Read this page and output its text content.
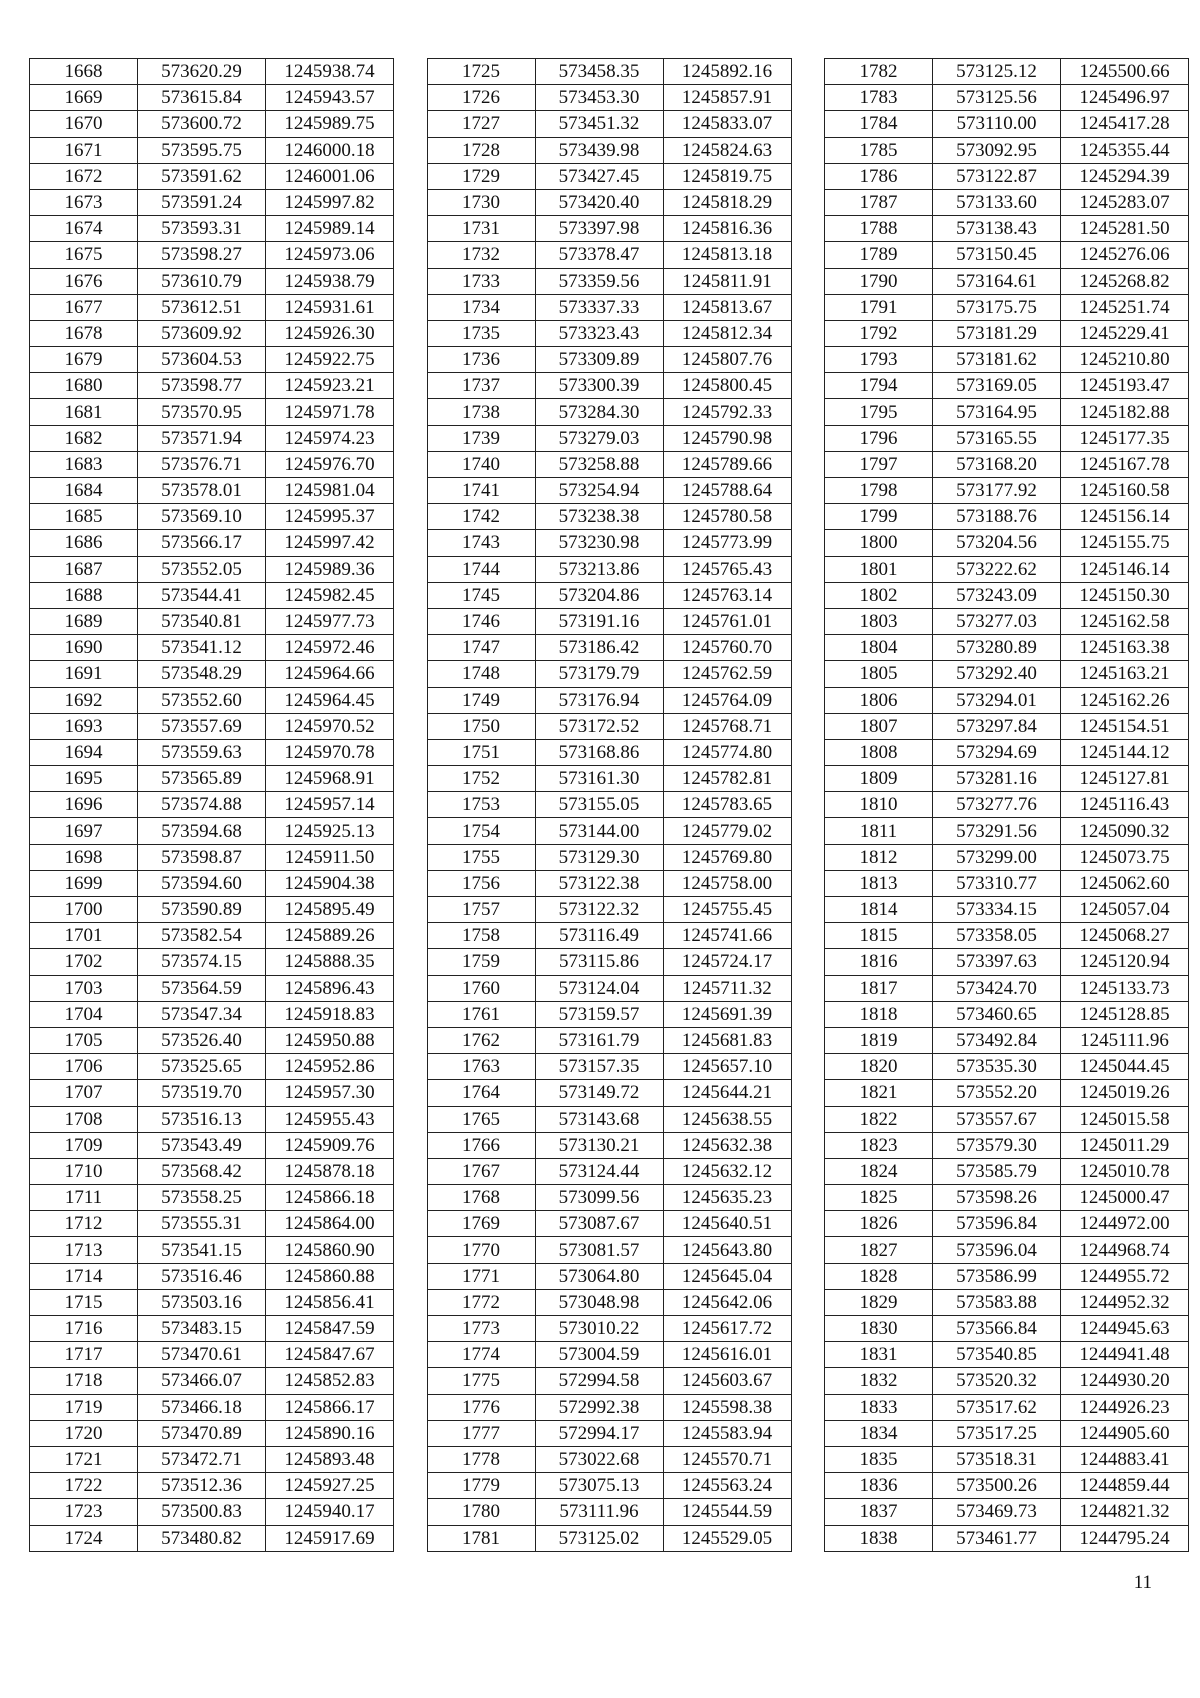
1668	573620.29	1245938.74
1669	573615.84	1245943.57
1670	573600.72	1245989.75
1671	573595.75	1246000.18
1672	573591.62	1246001.06
1673	573591.24	1245997.82
1674	573593.31	1245989.14
1675	573598.27	1245973.06
1676	573610.79	1245938.79
1677	573612.51	1245931.61
1678	573609.92	1245926.30
1679	573604.53	1245922.75
1680	573598.77	1245923.21
1681	573570.95	1245971.78
1682	573571.94	1245974.23
1683	573576.71	1245976.70
1684	573578.01	1245981.04
1685	573569.10	1245995.37
1686	573566.17	1245997.42
1687	573552.05	1245989.36
1688	573544.41	1245982.45
1689	573540.81	1245977.73
1690	573541.12	1245972.46
1691	573548.29	1245964.66
1692	573552.60	1245964.45
1693	573557.69	1245970.52
1694	573559.63	1245970.78
1695	573565.89	1245968.91
1696	573574.88	1245957.14
1697	573594.68	1245925.13
1698	573598.87	1245911.50
1699	573594.60	1245904.38
1700	573590.89	1245895.49
1701	573582.54	1245889.26
1702	573574.15	1245888.35
1703	573564.59	1245896.43
1704	573547.34	1245918.83
1705	573526.40	1245950.88
1706	573525.65	1245952.86
1707	573519.70	1245957.30
1708	573516.13	1245955.43
1709	573543.49	1245909.76
1710	573568.42	1245878.18
1711	573558.25	1245866.18
1712	573555.31	1245864.00
1713	573541.15	1245860.90
1714	573516.46	1245860.88
1715	573503.16	1245856.41
1716	573483.15	1245847.59
1717	573470.61	1245847.67
1718	573466.07	1245852.83
1719	573466.18	1245866.17
1720	573470.89	1245890.16
1721	573472.71	1245893.48
1722	573512.36	1245927.25
1723	573500.83	1245940.17
1724	573480.82	1245917.69
1725	573458.35	1245892.16
1726	573453.30	1245857.91
1727	573451.32	1245833.07
1728	573439.98	1245824.63
1729	573427.45	1245819.75
1730	573420.40	1245818.29
1731	573397.98	1245816.36
1732	573378.47	1245813.18
1733	573359.56	1245811.91
1734	573337.33	1245813.67
1735	573323.43	1245812.34
1736	573309.89	1245807.76
1737	573300.39	1245800.45
1738	573284.30	1245792.33
1739	573279.03	1245790.98
1740	573258.88	1245789.66
1741	573254.94	1245788.64
1742	573238.38	1245780.58
1743	573230.98	1245773.99
1744	573213.86	1245765.43
1745	573204.86	1245763.14
1746	573191.16	1245761.01
1747	573186.42	1245760.70
1748	573179.79	1245762.59
1749	573176.94	1245764.09
1750	573172.52	1245768.71
1751	573168.86	1245774.80
1752	573161.30	1245782.81
1753	573155.05	1245783.65
1754	573144.00	1245779.02
1755	573129.30	1245769.80
1756	573122.38	1245758.00
1757	573122.32	1245755.45
1758	573116.49	1245741.66
1759	573115.86	1245724.17
1760	573124.04	1245711.32
1761	573159.57	1245691.39
1762	573161.79	1245681.83
1763	573157.35	1245657.10
1764	573149.72	1245644.21
1765	573143.68	1245638.55
1766	573130.21	1245632.38
1767	573124.44	1245632.12
1768	573099.56	1245635.23
1769	573087.67	1245640.51
1770	573081.57	1245643.80
1771	573064.80	1245645.04
1772	573048.98	1245642.06
1773	573010.22	1245617.72
1774	573004.59	1245616.01
1775	572994.58	1245603.67
1776	572992.38	1245598.38
1777	572994.17	1245583.94
1778	573022.68	1245570.71
1779	573075.13	1245563.24
1780	573111.96	1245544.59
1781	573125.02	1245529.05
1782	573125.12	1245500.66
1783	573125.56	1245496.97
1784	573110.00	1245417.28
1785	573092.95	1245355.44
1786	573122.87	1245294.39
1787	573133.60	1245283.07
1788	573138.43	1245281.50
1789	573150.45	1245276.06
1790	573164.61	1245268.82
1791	573175.75	1245251.74
1792	573181.29	1245229.41
1793	573181.62	1245210.80
1794	573169.05	1245193.47
1795	573164.95	1245182.88
1796	573165.55	1245177.35
1797	573168.20	1245167.78
1798	573177.92	1245160.58
1799	573188.76	1245156.14
1800	573204.56	1245155.75
1801	573222.62	1245146.14
1802	573243.09	1245150.30
1803	573277.03	1245162.58
1804	573280.89	1245163.38
1805	573292.40	1245163.21
1806	573294.01	1245162.26
1807	573297.84	1245154.51
1808	573294.69	1245144.12
1809	573281.16	1245127.81
1810	573277.76	1245116.43
1811	573291.56	1245090.32
1812	573299.00	1245073.75
1813	573310.77	1245062.60
1814	573334.15	1245057.04
1815	573358.05	1245068.27
1816	573397.63	1245120.94
1817	573424.70	1245133.73
1818	573460.65	1245128.85
1819	573492.84	1245111.96
1820	573535.30	1245044.45
1821	573552.20	1245019.26
1822	573557.67	1245015.58
1823	573579.30	1245011.29
1824	573585.79	1245010.78
1825	573598.26	1245000.47
1826	573596.84	1244972.00
1827	573596.04	1244968.74
1828	573586.99	1244955.72
1829	573583.88	1244952.32
1830	573566.84	1244945.63
1831	573540.85	1244941.48
1832	573520.32	1244930.20
1833	573517.62	1244926.23
1834	573517.25	1244905.60
1835	573518.31	1244883.41
1836	573500.26	1244859.44
1837	573469.73	1244821.32
1838	573461.77	1244795.24
11
